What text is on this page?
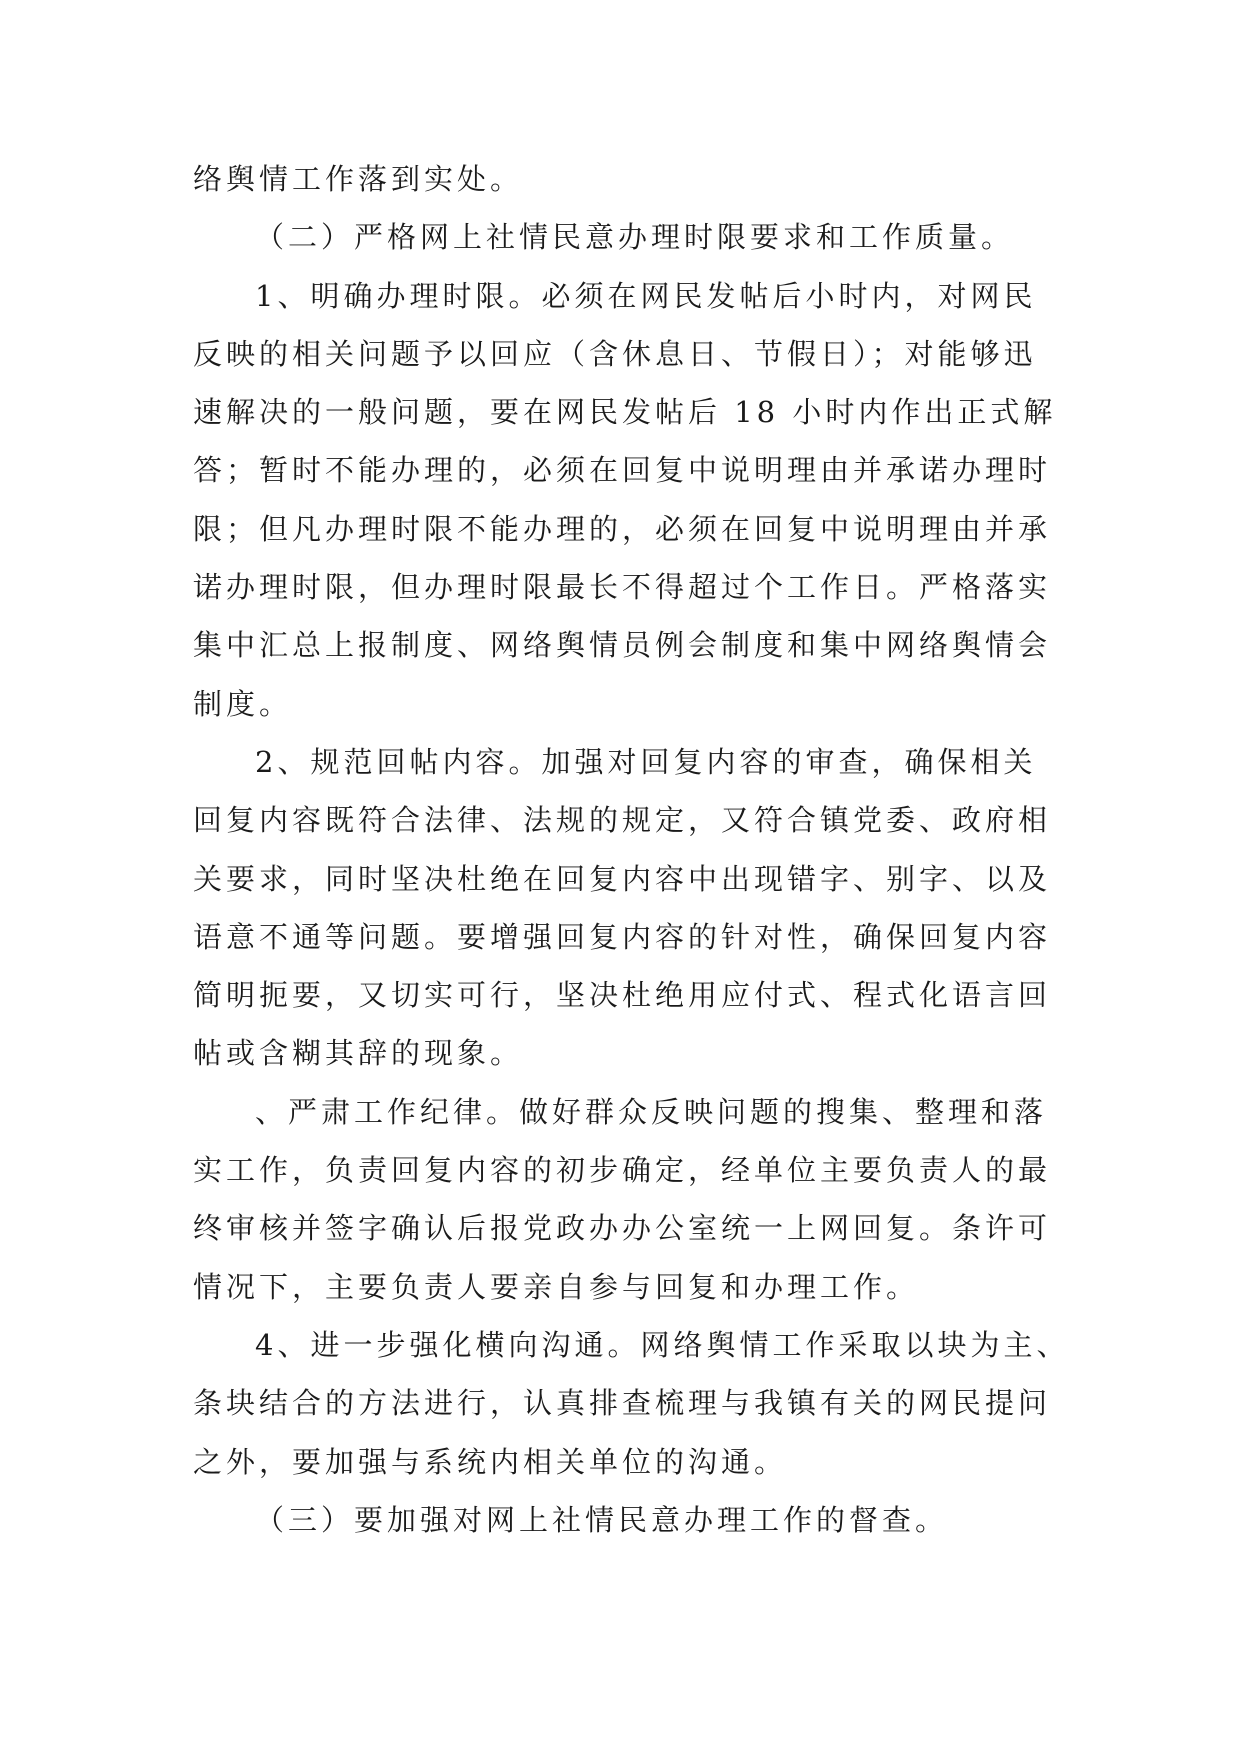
络舆情工作落到实处。
（二）严格网上社情民意办理时限要求和工作质量。
1、明确办理时限。必须在网民发帖后小时内，对网民
反映的相关问题予以回应（含休息日、节假日）；对能够迅
速解决的一般问题，要在网民发帖后 18 小时内作出正式解
答；暂时不能办理的，必须在回复中说明理由并承诺办理时
限；但凡办理时限不能办理的，必须在回复中说明理由并承
诺办理时限，但办理时限最长不得超过个工作日。严格落实
集中汇总上报制度、网络舆情员例会制度和集中网络舆情会
制度。
2、规范回帖内容。加强对回复内容的审查，确保相关
回复内容既符合法律、法规的规定，又符合镇党委、政府相
关要求，同时坚决杜绝在回复内容中出现错字、别字、以及
语意不通等问题。要增强回复内容的针对性，确保回复内容
简明扼要，又切实可行，坚决杜绝用应付式、程式化语言回
帖或含糊其辞的现象。
、严肃工作纪律。做好群众反映问题的搜集、整理和落
实工作，负责回复内容的初步确定，经单位主要负责人的最
终审核并签字确认后报党政办办公室统一上网回复。条许可
情况下，主要负责人要亲自参与回复和办理工作。
4、进一步强化横向沟通。网络舆情工作采取以块为主、
条块结合的方法进行，认真排查梳理与我镇有关的网民提问
之外，要加强与系统内相关单位的沟通。
（三）要加强对网上社情民意办理工作的督查。
